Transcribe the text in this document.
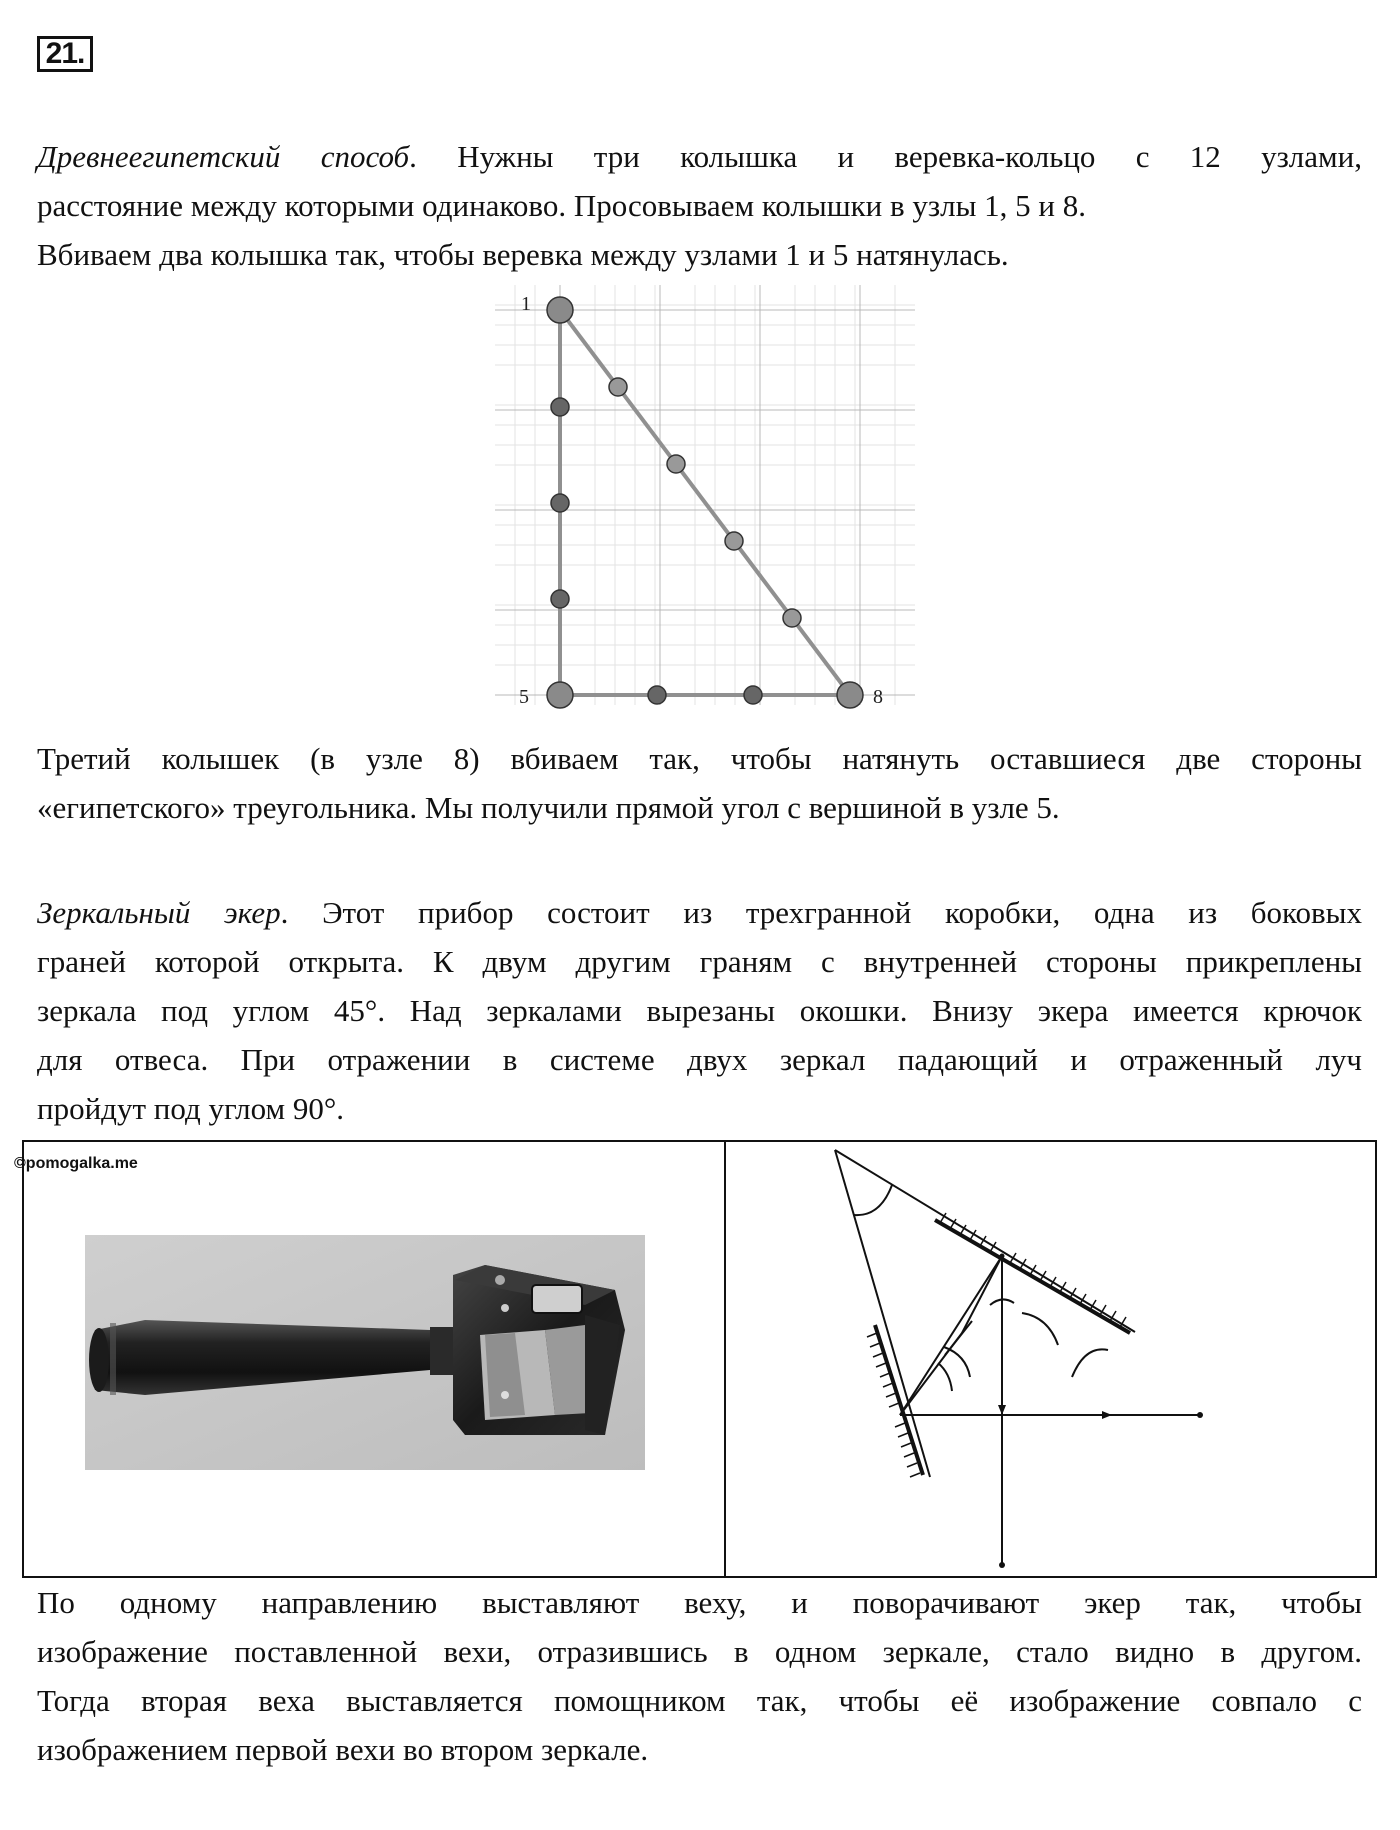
21.
Древнеегипетский способ. Нужны три колышка и веревка-кольцо с 12 узлами,
расстояние между которыми одинаково. Просовываем колышки в узлы 1, 5 и 8.
Вбиваем два колышка так, чтобы веревка между узлами 1 и 5 натянулась.
1
5	8
Третий колышек (в узле 8) вбиваем так, чтобы натянуть оставшиеся две стороны
«египетского» треугольника. Мы получили прямой угол с вершиной в узле 5.
Зеркальный экер. Этот прибор состоит из трехгранной коробки, одна из боковых
граней которой открыта. К двум другим граням с внутренней стороны прикреплены
зеркала под углом 45°. Над зеркалами вырезаны окошки. Внизу экера имеется крючок
для отвеса. При отражении в системе двух зеркал падающий и отраженный луч
пройдут под углом 90°.
©pomogalka.me
По одному направлению выставляют веху, и поворачивают экер так, чтобы
изображение поставленной вехи, отразившись в одном зеркале, стало видно в другом.
Тогда вторая веха выставляется помощником так, чтобы её изображение совпало с
изображением первой вехи во втором зеркале.
